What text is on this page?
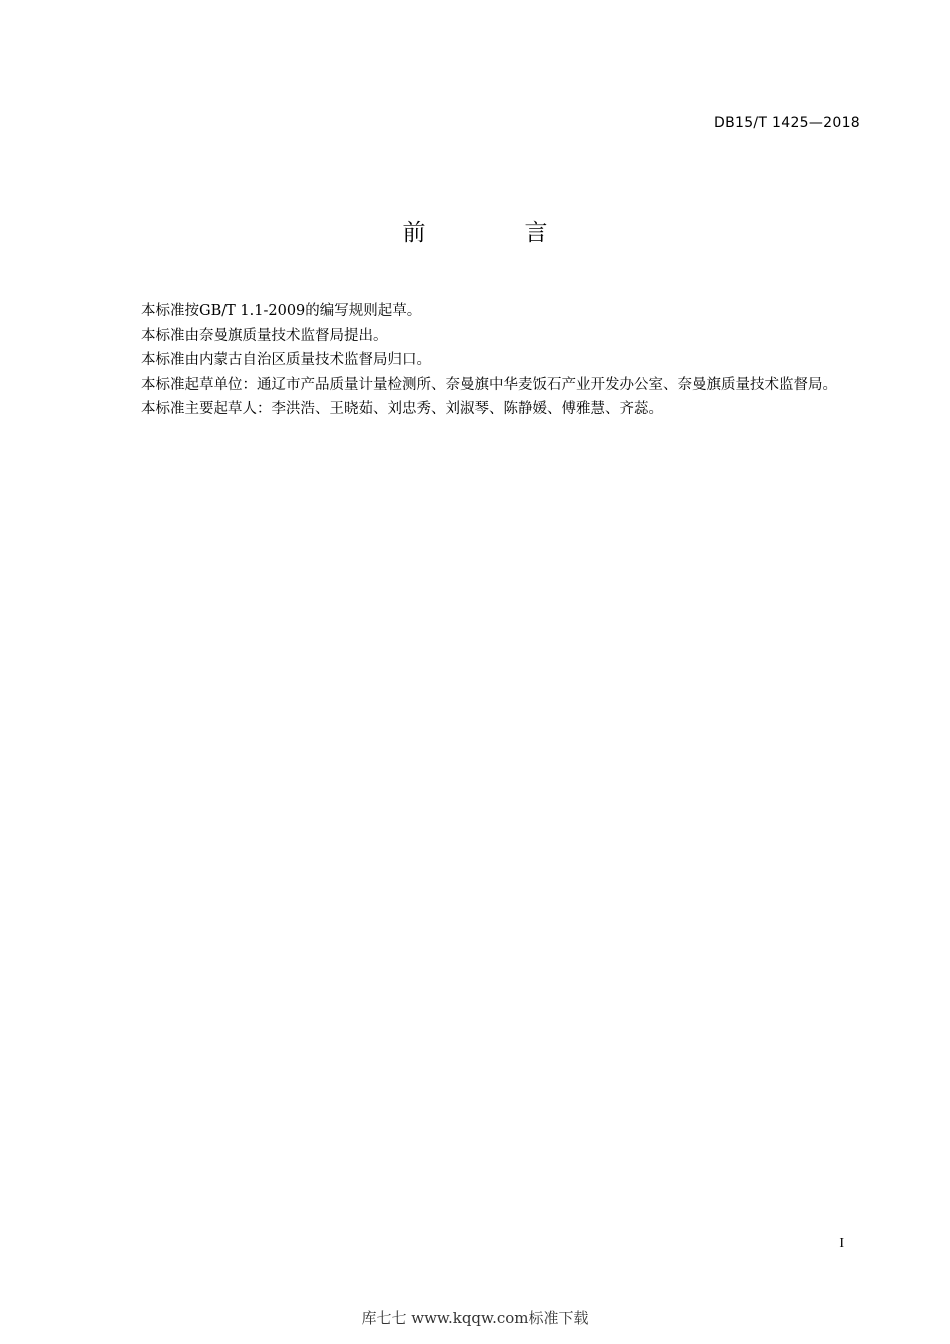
DB15/T 1425—2018
前　言

本标准按GB/T 1.1-2009的编写规则起草。

本标准由奈曼旗质量技术监督局提出。

本标准由内蒙古自治区质量技术监督局归口。

本标准起草单位：通辽市产品质量计量检测所、奈曼旗中华麦饭石产业开发办公室、奈曼旗质量技术监督局。

本标准主要起草人：李洪浩、王晓茹、刘忠秀、刘淑琴、陈静媛、傅雅慧、齐蕊。

I
库七七 www.kqqw.com标准下载
